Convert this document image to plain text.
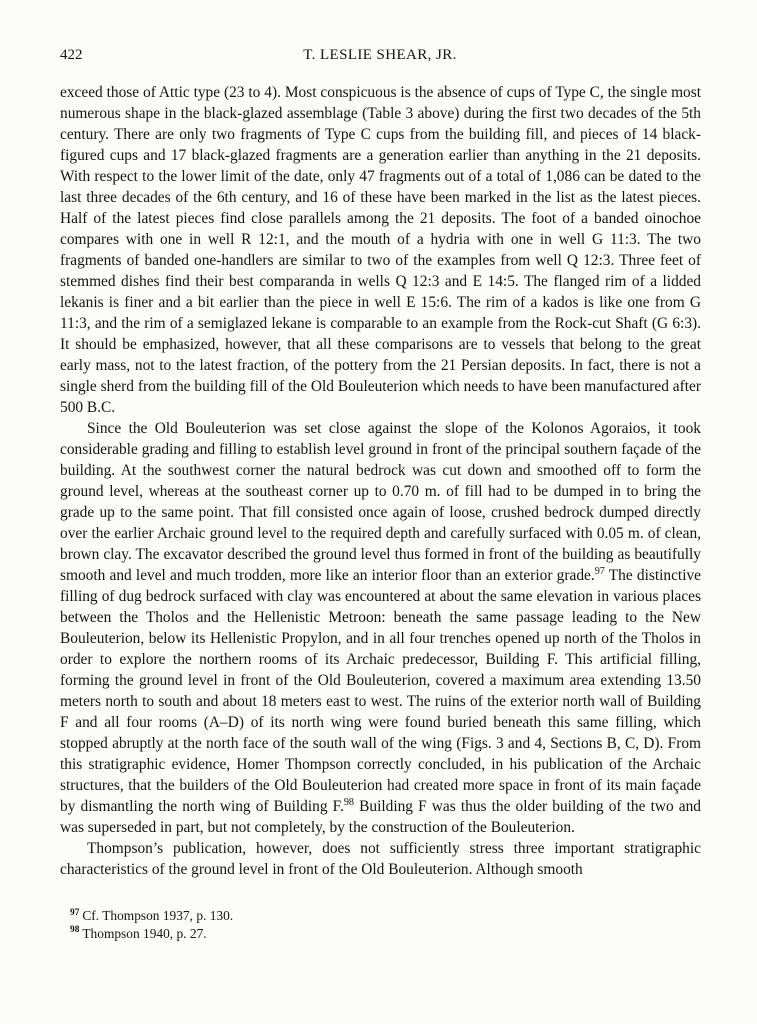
422	T. LESLIE SHEAR, JR.

exceed those of Attic type (23 to 4). Most conspicuous is the absence of cups of Type C, the single most numerous shape in the black-glazed assemblage (Table 3 above) during the first two decades of the 5th century. There are only two fragments of Type C cups from the building fill, and pieces of 14 black-figured cups and 17 black-glazed fragments are a generation earlier than anything in the 21 deposits. With respect to the lower limit of the date, only 47 fragments out of a total of 1,086 can be dated to the last three decades of the 6th century, and 16 of these have been marked in the list as the latest pieces. Half of the latest pieces find close parallels among the 21 deposits. The foot of a banded oinochoe compares with one in well R 12:1, and the mouth of a hydria with one in well G 11:3. The two fragments of banded one-handlers are similar to two of the examples from well Q 12:3. Three feet of stemmed dishes find their best comparanda in wells Q 12:3 and E 14:5. The flanged rim of a lidded lekanis is finer and a bit earlier than the piece in well E 15:6. The rim of a kados is like one from G 11:3, and the rim of a semiglazed lekane is comparable to an example from the Rock-cut Shaft (G 6:3). It should be emphasized, however, that all these comparisons are to vessels that belong to the great early mass, not to the latest fraction, of the pottery from the 21 Persian deposits. In fact, there is not a single sherd from the building fill of the Old Bouleuterion which needs to have been manufactured after 500 B.C.

Since the Old Bouleuterion was set close against the slope of the Kolonos Agoraios, it took considerable grading and filling to establish level ground in front of the principal southern façade of the building. At the southwest corner the natural bedrock was cut down and smoothed off to form the ground level, whereas at the southeast corner up to 0.70 m. of fill had to be dumped in to bring the grade up to the same point. That fill consisted once again of loose, crushed bedrock dumped directly over the earlier Archaic ground level to the required depth and carefully surfaced with 0.05 m. of clean, brown clay. The excavator described the ground level thus formed in front of the building as beautifully smooth and level and much trodden, more like an interior floor than an exterior grade.$^{97}$ The distinctive filling of dug bedrock surfaced with clay was encountered at about the same elevation in various places between the Tholos and the Hellenistic Metroon: beneath the same passage leading to the New Bouleuterion, below its Hellenistic Propylon, and in all four trenches opened up north of the Tholos in order to explore the northern rooms of its Archaic predecessor, Building F. This artificial filling, forming the ground level in front of the Old Bouleuterion, covered a maximum area extending 13.50 meters north to south and about 18 meters east to west. The ruins of the exterior north wall of Building F and all four rooms (A–D) of its north wing were found buried beneath this same filling, which stopped abruptly at the north face of the south wall of the wing (Figs. 3 and 4, Sections B, C, D). From this stratigraphic evidence, Homer Thompson correctly concluded, in his publication of the Archaic structures, that the builders of the Old Bouleuterion had created more space in front of its main façade by dismantling the north wing of Building F.$^{98}$ Building F was thus the older building of the two and was superseded in part, but not completely, by the construction of the Bouleuterion.

Thompson’s publication, however, does not sufficiently stress three important stratigraphic characteristics of the ground level in front of the Old Bouleuterion. Although smooth

$^{97}$ Cf. Thompson 1937, p. 130.
$^{98}$ Thompson 1940, p. 27.
